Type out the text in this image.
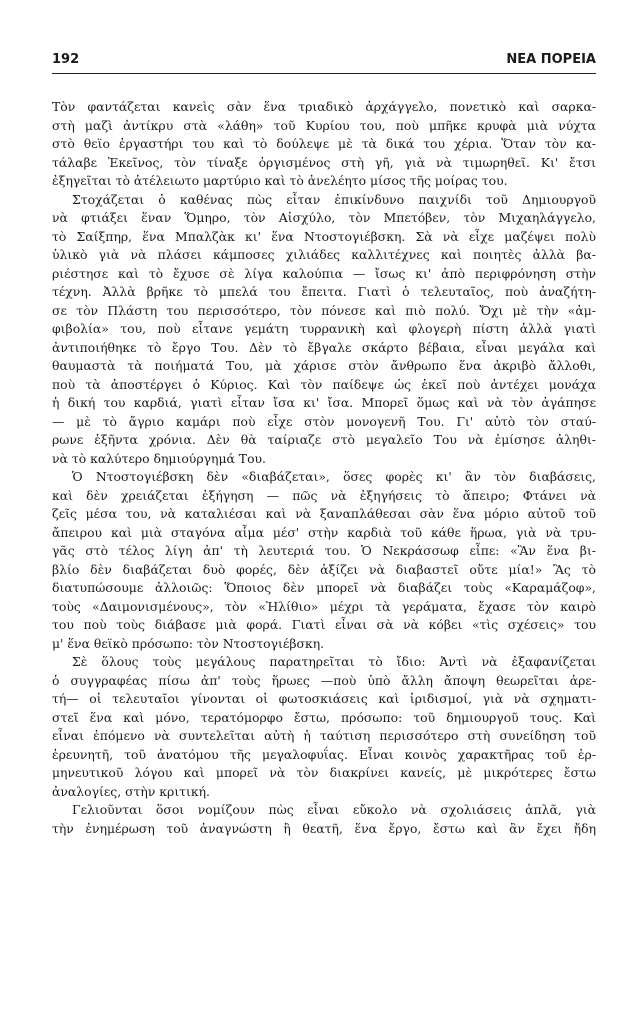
192	ΝΕΑ ΠΟΡΕΙΑ
Τὸν φαντάζεται κανεὶς σὰν ἕνα τριαδικὸ ἀρχάγγελο, πονετικὸ καὶ σαρκα-
στὴ μαζὶ ἀντίκρυ στὰ «λάθη» τοῦ Κυρίου του, ποὺ μπῆκε κρυφὰ μιὰ νύχτα
στὸ θεϊο ἐργαστήρι του καὶ τὸ δούλεψε μὲ τὰ δικά του χέρια. Ὅταν τὸν κα-
τάλαβε Ἐκεῖνος, τὸν τίναξε ὀργισμένος στὴ γῆ, γιὰ νὰ τιμωρηθεῖ. Κι' ἔτσι
ἐξηγεῖται τὸ ἀτέλειωτο μαρτύριο καὶ τὸ ἀνελέητο μίσος τῆς μοίρας του.
Στοχάζεται ὁ καθένας πὼς εἶταν ἐπικίνδυνο παιχνίδι τοῦ Δημιουργοῦ
νὰ φτιάξει ἕναν Ὅμηρο, τὸν Αἰσχύλο, τὸν Μπετόβεν, τὸν Μιχαηλάγγελο,
τὸ Σαίξπηρ, ἕνα Μπαλζὰκ κι' ἕνα Ντοστογιέβσκη. Σὰ νὰ εἶχε μαζέψει πολὺ
ὑλικὸ γιὰ νὰ πλάσει κάμποσες χιλιάδες καλλιτέχνες καὶ ποιητὲς ἀλλὰ βα-
ριέστησε καὶ τὸ ἔχυσε σὲ λίγα καλούπια — ἴσως κι' ἀπὸ περιφρόνηση στὴν
τέχνη. Ἀλλὰ βρῆκε τὸ μπελά του ἔπειτα. Γιατὶ ὁ τελευταῖος, ποὺ ἀναζήτη-
σε τὸν Πλάστη του περισσότερο, τὸν πόνεσε καὶ πιὸ πολύ. Ὄχι μὲ τὴν «ἀμ-
φιβολία» του, ποὺ εἶτανε γεμάτη τυρρανικὴ καὶ φλογερὴ πίστη ἀλλὰ γιατὶ
ἀντιποιήθηκε τὸ ἔργο Του. Δὲν τὸ ἔβγαλε σκάρτο βέβαια, εἶναι μεγάλα καὶ
θαυμαστὰ τὰ ποιήματά Του, μὰ χάρισε στὸν ἄνθρωπο ἕνα ἀκριβὸ ἄλλοθι,
ποὺ τὰ ἀποστέργει ὁ Κύριος. Καὶ τὸν παίδεψε ὡς ἐκεῖ ποὺ ἀντέχει μονάχα
ἡ δική του καρδιά, γιατὶ εἶταν ἴσα κι' ἴσα. Μπορεῖ ὅμως καὶ νὰ τὸν ἀγάπησε
— μὲ τὸ ἄγριο καμάρι ποὺ εἶχε στὸν μονογενῆ Του. Γι' αὐτὸ τὸν σταύ-
ρωνε ἑξῆντα χρόνια. Δὲν θὰ ταίριαζε στὸ μεγαλεῖο Του νὰ ἐμίσησε ἀληθι-
νὰ τὸ καλύτερο δημιούργημά Του.
Ὁ Ντοστογιέβσκη δὲν «διαβάζεται», ὅσες φορὲς κι' ἂν τὸν διαβάσεις,
καὶ δὲν χρειάζεται ἐξήγηση — πῶς νὰ ἐξηγήσεις τὸ ἄπειρο; Φτάνει νὰ
ζεῖς μέσα του, νὰ καταλιέσαι καὶ νὰ ξαναπλάθεσαι σὰν ἕνα μόριο αὐτοῦ τοῦ
ἄπειρου καὶ μιὰ σταγόνα αἷμα μέσ' στὴν καρδιὰ τοῦ κάθε ἥρωα, γιὰ νὰ τρυ-
γᾶς στὸ τέλος λίγη ἀπ' τὴ λευτεριά του. Ὁ Νεκράσσωφ εἶπε: «Ἂν ἕνα βι-
βλίο δὲν διαβάζεται δυὸ φορές, δὲν ἀξίζει νὰ διαβαστεῖ οὔτε μία!» Ἂς τὸ
διατυπώσουμε ἀλλοιῶς: Ὅποιος δὲν μπορεῖ νὰ διαβάζει τοὺς «Καραμάζοφ»,
τοὺς «Δαιμονισμένους», τὸν «Ἠλίθιο» μέχρι τὰ γεράματα, ἔχασε τὸν καιρὸ
του ποὺ τοὺς διάβασε μιὰ φορά. Γιατὶ εἶναι σὰ νὰ κόβει «τὶς σχέσεις» του
μ' ἕνα θεϊκὸ πρόσωπο: τὸν Ντοστογιέβσκη.
Σὲ ὅλους τοὺς μεγάλους παρατηρεῖται τὸ ἴδιο: Ἀντὶ νὰ ἐξαφανίζεται
ὁ συγγραφέας πίσω ἀπ' τοὺς ἥρωες —ποὺ ὑπὸ ἄλλη ἄποψη θεωρεῖται ἀρε-
τή— οἱ τελευταῖοι γίνονται οἱ φωτοσκιάσεις καὶ ἰριδισμοί, γιὰ νὰ σχηματι-
στεῖ ἕνα καὶ μόνο, τερατόμορφο ἔστω, πρόσωπο: τοῦ δημιουργοῦ τους. Καὶ
εἶναι ἐπόμενο νὰ συντελεῖται αὐτὴ ἡ ταύτιση περισσότερο στὴ συνείδηση τοῦ
ἐρευνητῆ, τοῦ ἀνατόμου τῆς μεγαλοφυΐας. Εἶναι κοινὸς χαρακτῆρας τοῦ ἑρ-
μηνευτικοῦ λόγου καὶ μπορεῖ νὰ τὸν διακρίνει κανείς, μὲ μικρότερες ἔστω
ἀναλογίες, στὴν κριτική.
Γελιοῦνται ὅσοι νομίζουν πὼς εἶναι εὔκολο νὰ σχολιάσεις ἁπλᾶ, γιὰ
τὴν ἐνημέρωση τοῦ ἀναγνώστη ἢ θεατῆ, ἕνα ἔργο, ἔστω καὶ ἂν ἔχει ἤδη
